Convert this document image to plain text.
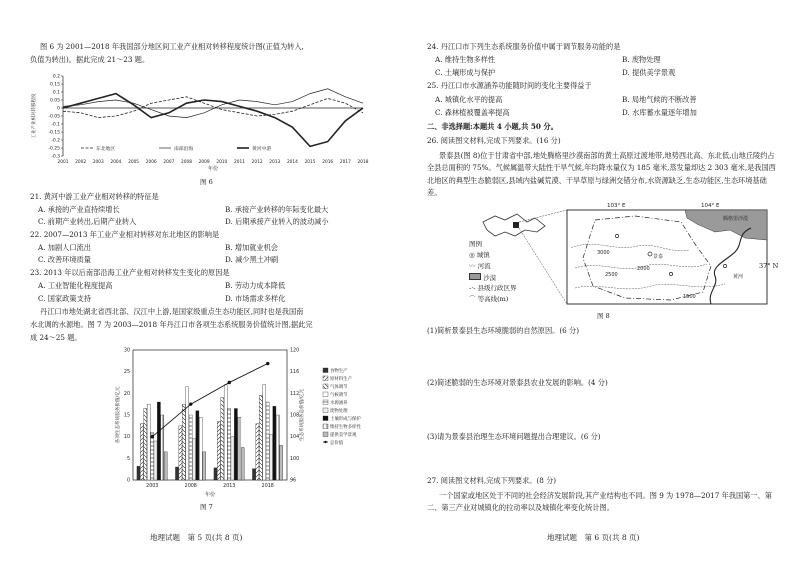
图 6 为 2001—2018 年我国部分地区间工业产业相对转移程度统计图(正值为转入,
负值为转出)。据此完成 21～23 题。
0.2
0.15
0.1
0.05
0
-0.05
-0.1
-0.15
-0.2
-0.25
-0.3
2001 2002 2003 2004 2005 2006 2007 2008 2009 2010 2011 2012 2013 2014 2015 2016 2017 2018
年份
工业产业相对转移程度
东北地区	南部沿海	黄河中游
图 6
21. 黄河中游工业产业相对转移的特征是
A. 承接的产业直持续增长	B. 承接产业转移的年际变化最大
C. 前期产业转出,后期产业转入	D. 后期承接产业转入的波动减小
22. 2007—2013 年工业产业相对转移对东北地区的影响是
A. 加剧人口流出	B. 增加就业机会
C. 改善环境质量	D. 减少黑土冲刷
23. 2013 年以后南部沿海工业产业相对转移发生变化的原因是
A. 工业智能化程度提高	B. 劳动力成本降低
C. 国家政策支持	D. 市场需求多样化
丹江口市地处湖北省西北部、汉江中上游,是国家级重点生态功能区,同时也是我国南
水北调的水源地。图 7 为 2003—2018 年丹江口市各项生态系统服务价值统计图,据此完
成 24～25 题。
0
5
10
15
20
25
30
96
100
104
108
112
116
120
各项生态系统服务价值/亿元	生态系统服务总价值/亿元
年份
2003	2008	2013	2018
食物生产
原材料生产
气体调节
气候调节
水源涵养
废物处理
土壤形成与保护
维持生物多样性
提供美学景观
总价值
图 7
地理试题　第 5 页(共 8 页)
24. 丹江口市下列生态系统服务价值中属于调节服务功能的是
A. 维持生物多样性	B. 废物处理
C. 土壤形成与保护	D. 提供美学景观
25. 丹江口市水源涵养功能随时间的变化主要得益于
A. 城镇化水平的提高	B. 局地气候的不断改善
C. 森林植被覆盖率提高	D. 水库蓄水量逐年增加
二、非选择题:本题共 4 小题,共 50 分。
26. 阅读图文材料,完成下列要求。(16 分)
景泰县(图 8)位于甘肃省中部,地处腾格里沙漠南部的黄土高原过渡地带,地势西北高、东北低,山地丘陵约占全县总面积的 75%。气候属温带大陆性干旱气候,年均降水量仅为 185 毫米,蒸发量却达 2 303 毫米,是我国西北地区的典型生态脆弱区,县域内盐碱荒漠、干旱草原与绿洲交错分布,水资源缺乏,生态功能区,生态环境基础差。
103° E	104° E
3000
2000
1500
2500
景泰
黄河
腾格里沙漠
37° N
图例
◎ 城镇
〰 河流
沙漠
-·- 县级行政区界
⌒ 等高线(m)
图 8
(1)简析景泰县生态环境脆弱的自然原因。(6 分)
(2)简述脆弱的生态环境对景泰县农业发展的影响。(4 分)
(3)请为景泰县治理生态环境问题提出合理建议。(6 分)
27. 阅读图文材料,完成下列要求。(8 分)
一个国家或地区处于不同的社会经济发展阶段,其产业结构也不同。图 9 为 1978—2017 年我国第一、第二、第三产业对城镇化的拉动率以及城镇化率变化统计图。
地理试题　第 6 页(共 8 页)
